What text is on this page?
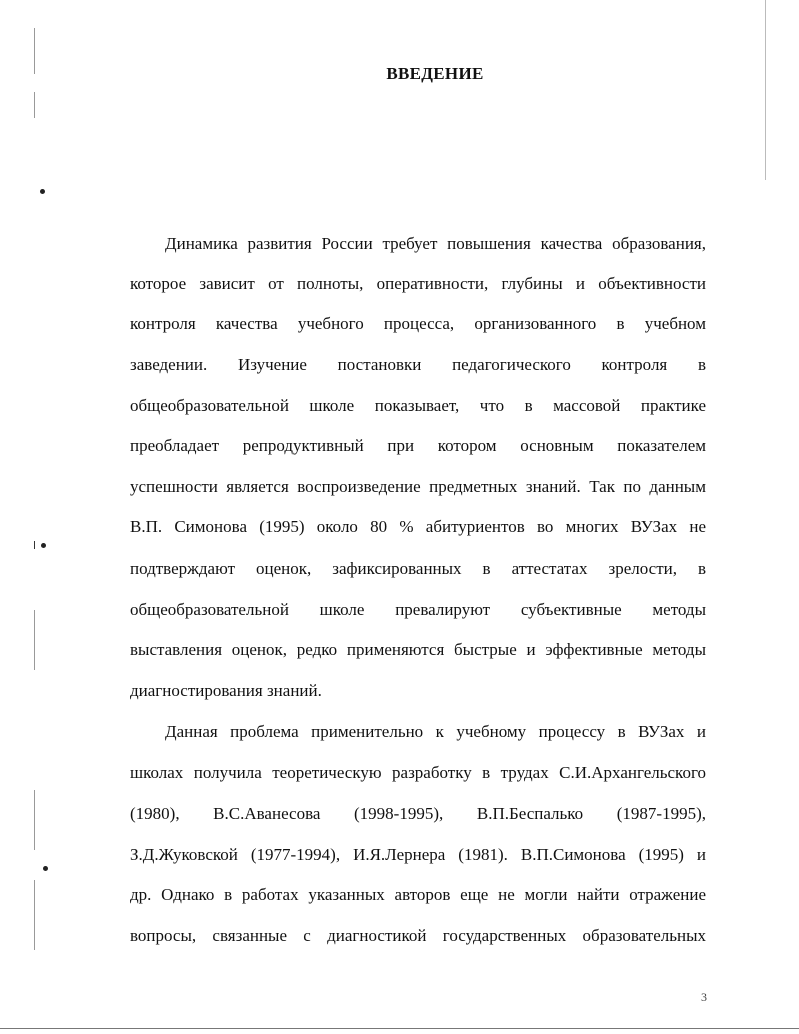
ВВЕДЕНИЕ
Динамика развития России требует повышения качества образования,
которое зависит от полноты, оперативности, глубины и объективности
контроля качества учебного процесса, организованного в учебном
заведении. Изучение постановки педагогического контроля в
общеобразовательной школе показывает, что в массовой практике
преобладает репродуктивный при котором основным показателем
успешности является воспроизведение предметных знаний. Так по данным
В.П. Симонова (1995) около 80 % абитуриентов во многих ВУЗах не
подтверждают оценок, зафиксированных в аттестатах зрелости, в
общеобразовательной школе превалируют субъективные методы
выставления оценок, редко применяются быстрые и эффективные методы
диагностирования знаний.
Данная проблема применительно к учебному процессу в ВУЗах и
школах получила теоретическую разработку в трудах С.И.Архангельского
(1980), В.С.Аванесова (1998-1995), В.П.Беспалько (1987-1995),
З.Д.Жуковской (1977-1994), И.Я.Лернера (1981). В.П.Симонова (1995) и
др. Однако в работах указанных авторов еще не могли найти отражение
вопросы, связанные с диагностикой государственных образовательных
3
